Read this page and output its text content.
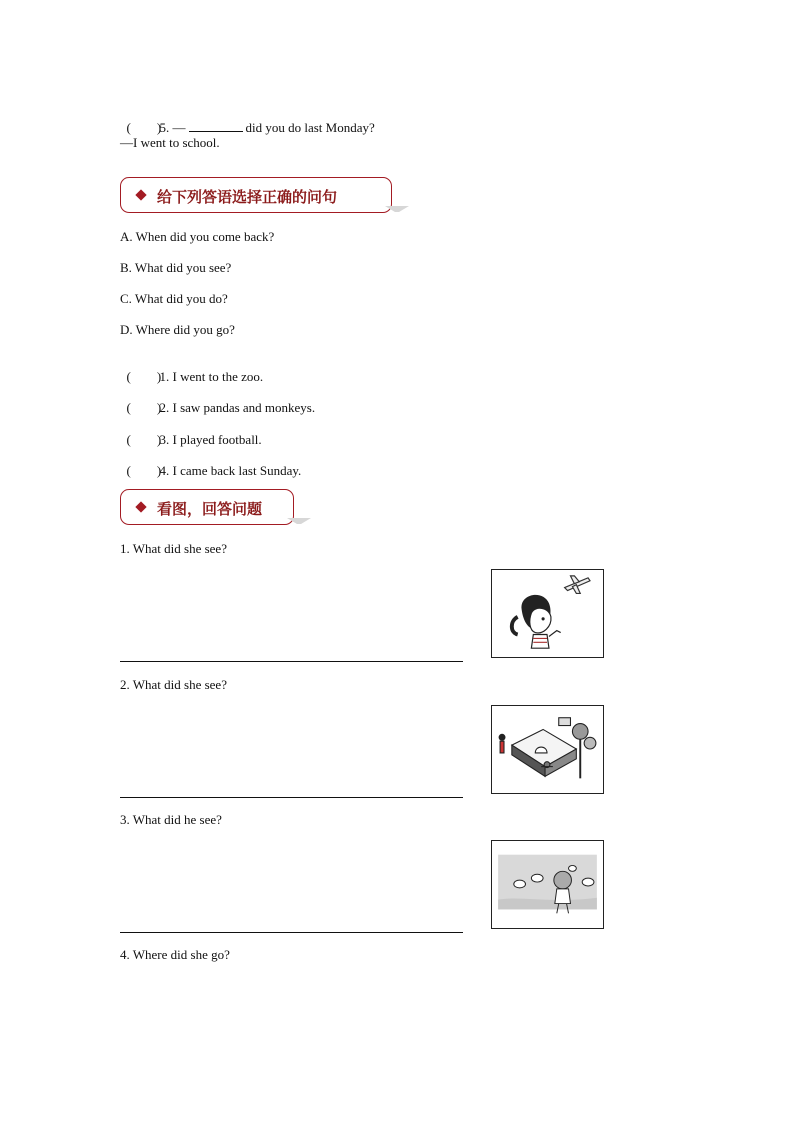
(        )5. —	did you do last Monday?

—I went to school.
给下列答语选择正确的问句
A. When did you come back?
B. What did you see?
C. What did you do?
D. Where did you go?

(        )1. I went to the zoo.

(        )2. I saw pandas and monkeys.

(        )3. I played football.

(        )4. I came back last Sunday.

看图，回答问题
1. What did she see?
2. What did she see?
3. What did he see?
4. Where did she go?
